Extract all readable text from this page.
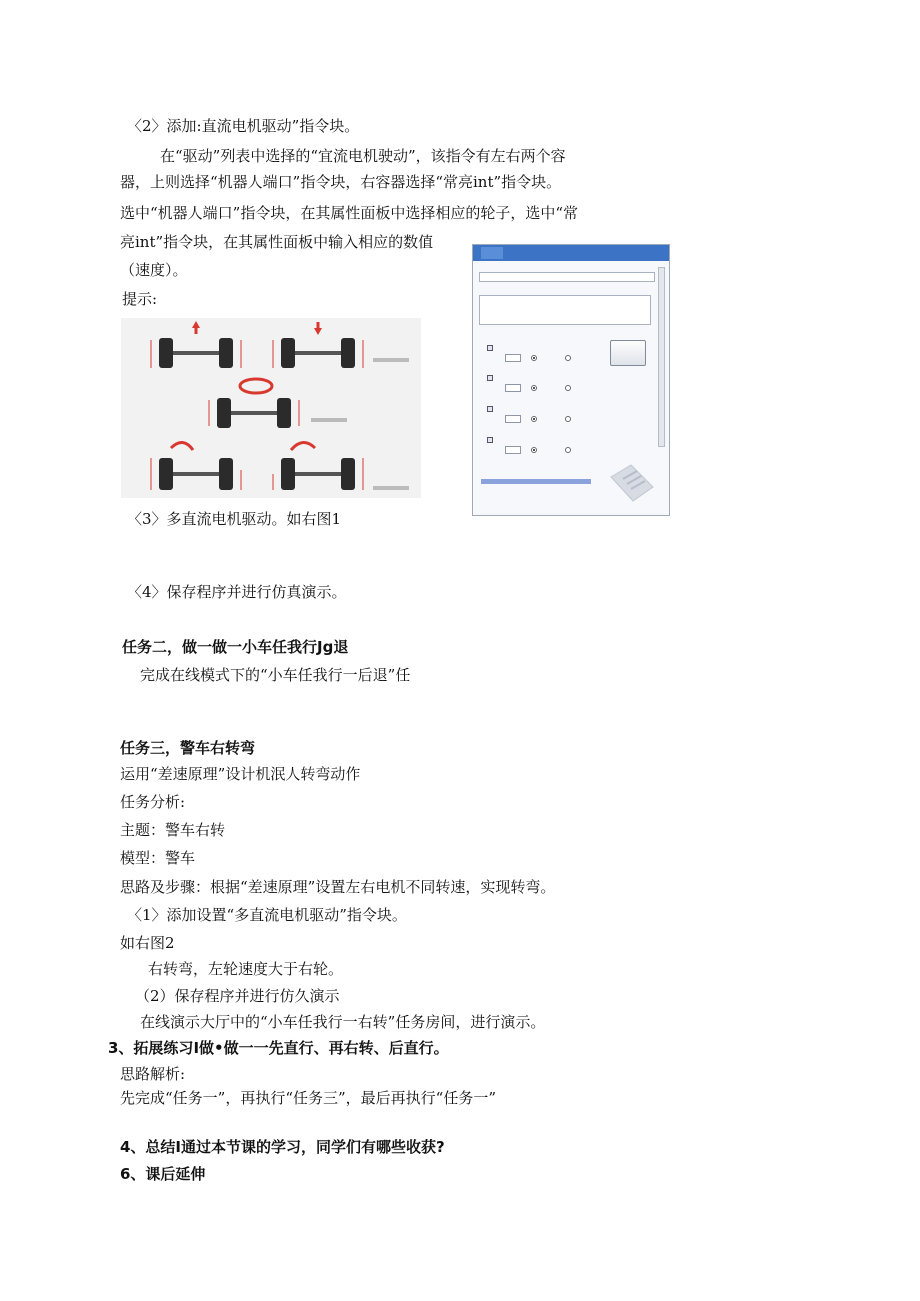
〈2〉添加:直流电机驱动”指令块。
在“驱动”列表中选择的“宜流电机驶动”，该指令有左右两个容
器，上则选择“机器人端口”指令块，右容器选择“常亮int”指令块。
选中“机器人端口”指令块，在其属性面板中选择相应的轮子，选中“常
亮int”指令块，在其属性面板中输入相应的数值
（速度）。
提示:
〈3〉多直流电机驱动。如右图1
〈4〉保存程序并进行仿真演示。
任务二，做一做一小车任我行Jg退
完成在线模式下的“小车任我行一后退”任
任务三，警车右转弯
运用“差速原理”设计机泯人转弯动作
任务分析:
主题：警车右转
模型：警车
思路及步骤：根据“差速原理”设置左右电机不同转速，实现转弯。
〈1〉添加设置“多直流电机驱动”指令块。
如右图2
右转弯，左轮速度大于右轮。
（2）保存程序并进行仿久演示
在线演示大厅中的“小车任我行一右转”任务房间，进行演示。
3、拓展练习Ⅰ做•做一一先直行、再右转、后直行。
思路解析:
先完成“任务一”，再执行“任务三”，最后再执行“任务一”
4、总结Ⅰ通过本节课的学习，同学们有哪些收获?
6、课后延伸
